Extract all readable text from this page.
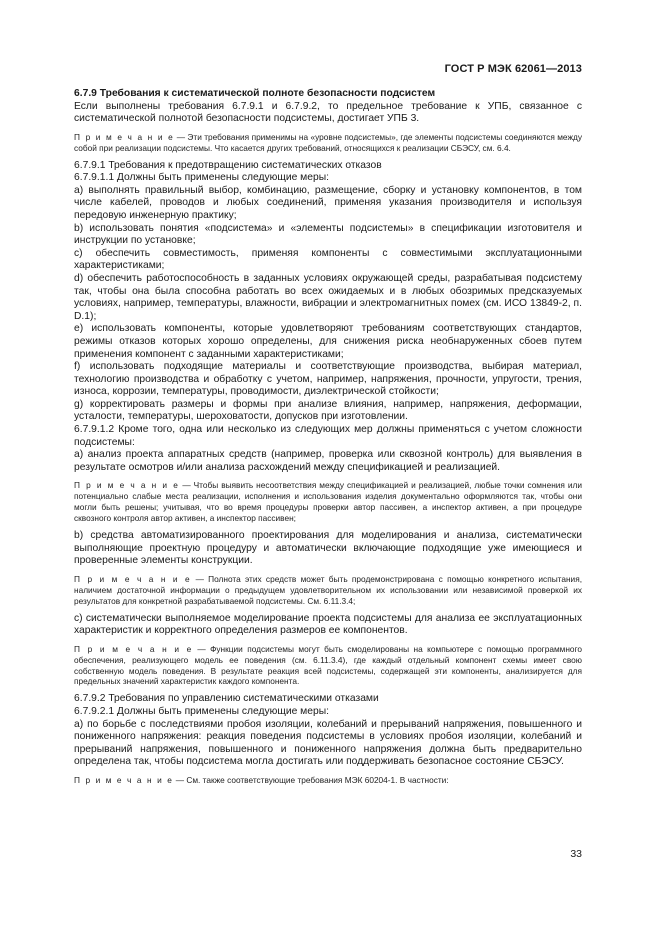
ГОСТ Р МЭК 62061—2013

6.7.9 Требования к систематической полноте безопасности подсистем

Если выполнены требования 6.7.9.1 и 6.7.9.2, то предельное требование к УПБ, связанное с систематической полнотой безопасности подсистемы, достигает УПБ 3.

П р и м е ч а н и е — Эти требования применимы на «уровне подсистемы», где элементы подсистемы соединяются между собой при реализации подсистемы. Что касается других требований, относящихся к реализации СБЭСУ, см. 6.4.

6.7.9.1 Требования к предотвращению систематических отказов

6.7.9.1.1 Должны быть применены следующие меры:

a) выполнять правильный выбор, комбинацию, размещение, сборку и установку компонентов, в том числе кабелей, проводов и любых соединений, применяя указания производителя и используя передовую инженерную практику;

b) использовать понятия «подсистема» и «элементы подсистемы» в спецификации изготовителя и инструкции по установке;

c) обеспечить совместимость, применяя компоненты с совместимыми эксплуатационными характеристиками;

d) обеспечить работоспособность в заданных условиях окружающей среды, разрабатывая подсистему так, чтобы она была способна работать во всех ожидаемых и в любых обозримых предсказуемых условиях, например, температуры, влажности, вибрации и электромагнитных помех (см. ИСО 13849-2, п. D.1);

e) использовать компоненты, которые удовлетворяют требованиям соответствующих стандартов, режимы отказов которых хорошо определены, для снижения риска необнаруженных сбоев путем применения компонент с заданными характеристиками;

f) использовать подходящие материалы и соответствующие производства, выбирая материал, технологию производства и обработку с учетом, например, напряжения, прочности, упругости, трения, износа, коррозии, температуры, проводимости, диэлектрической стойкости;

g) корректировать размеры и формы при анализе влияния, например, напряжения, деформации, усталости, температуры, шероховатости, допусков при изготовлении.

6.7.9.1.2 Кроме того, одна или несколько из следующих мер должны применяться с учетом сложности подсистемы:

a) анализ проекта аппаратных средств (например, проверка или сквозной контроль) для выявления в результате осмотров и/или анализа расхождений между спецификацией и реализацией.

П р и м е ч а н и е — Чтобы выявить несоответствия между спецификацией и реализацией, любые точки сомнения или потенциально слабые места реализации, исполнения и использования изделия документально оформляются так, чтобы они могли быть решены; учитывая, что во время процедуры проверки автор пассивен, а инспектор активен, а при процедуре сквозного контроля автор активен, а инспектор пассивен;

b) средства автоматизированного проектирования для моделирования и анализа, систематически выполняющие проектную процедуру и автоматически включающие подходящие уже имеющиеся и проверенные элементы конструкции.

П р и м е ч а н и е — Полнота этих средств может быть продемонстрирована с помощью конкретного испытания, наличием достаточной информации о предыдущем удовлетворительном их использовании или независимой проверкой их результатов для конкретной разрабатываемой подсистемы. См. 6.11.3.4;

c) систематически выполняемое моделирование проекта подсистемы для анализа ее эксплуатационных характеристик и корректного определения размеров ее компонентов.

П р и м е ч а н и е — Функции подсистемы могут быть смоделированы на компьютере с помощью программного обеспечения, реализующего модель ее поведения (см. 6.11.3.4), где каждый отдельный компонент схемы имеет свою собственную модель поведения. В результате реакция всей подсистемы, содержащей эти компоненты, анализируется для предельных значений характеристик каждого компонента.

6.7.9.2 Требования по управлению систематическими отказами

6.7.9.2.1 Должны быть применены следующие меры:

a) по борьбе с последствиями пробоя изоляции, колебаний и прерываний напряжения, повышенного и пониженного напряжения: реакция поведения подсистемы в условиях пробоя изоляции, колебаний и прерываний напряжения, повышенного и пониженного напряжения должна быть предварительно определена так, чтобы подсистема могла достигать или поддерживать безопасное состояние СБЭСУ.

П р и м е ч а н и е — См. также соответствующие требования МЭК 60204-1. В частности:

33
